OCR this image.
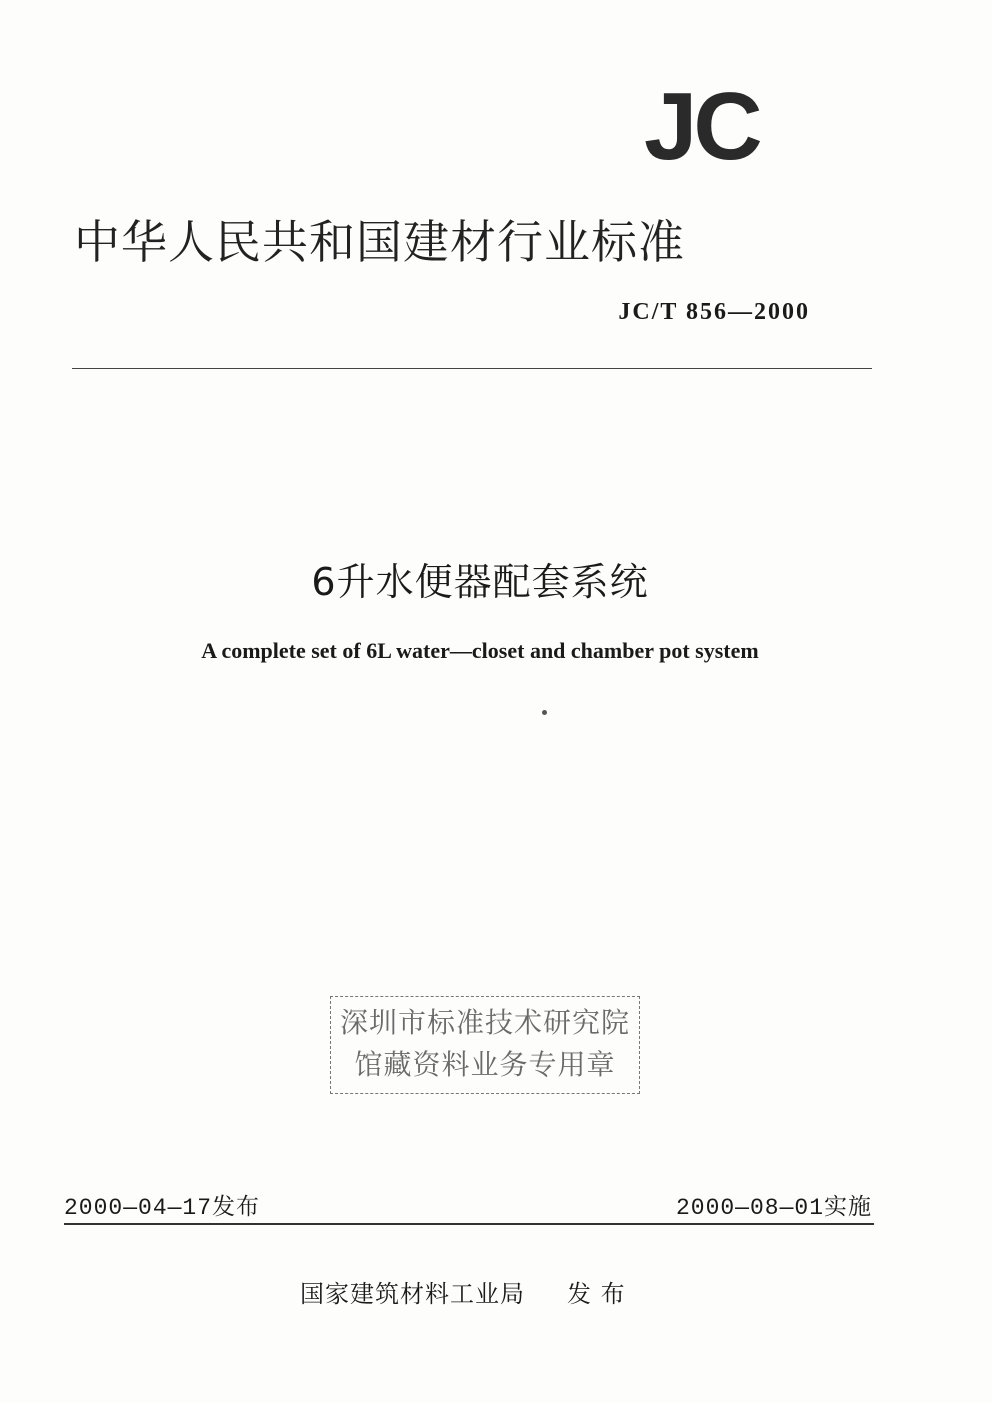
JC
中华人民共和国建材行业标准
JC/T 856—2000
6升水便器配套系统
A complete set of 6L water—closet and chamber pot system
深圳市标准技术研究院
馆藏资料业务专用章
2000—04—17发布	2000—08—01实施
国家建筑材料工业局 发 布
